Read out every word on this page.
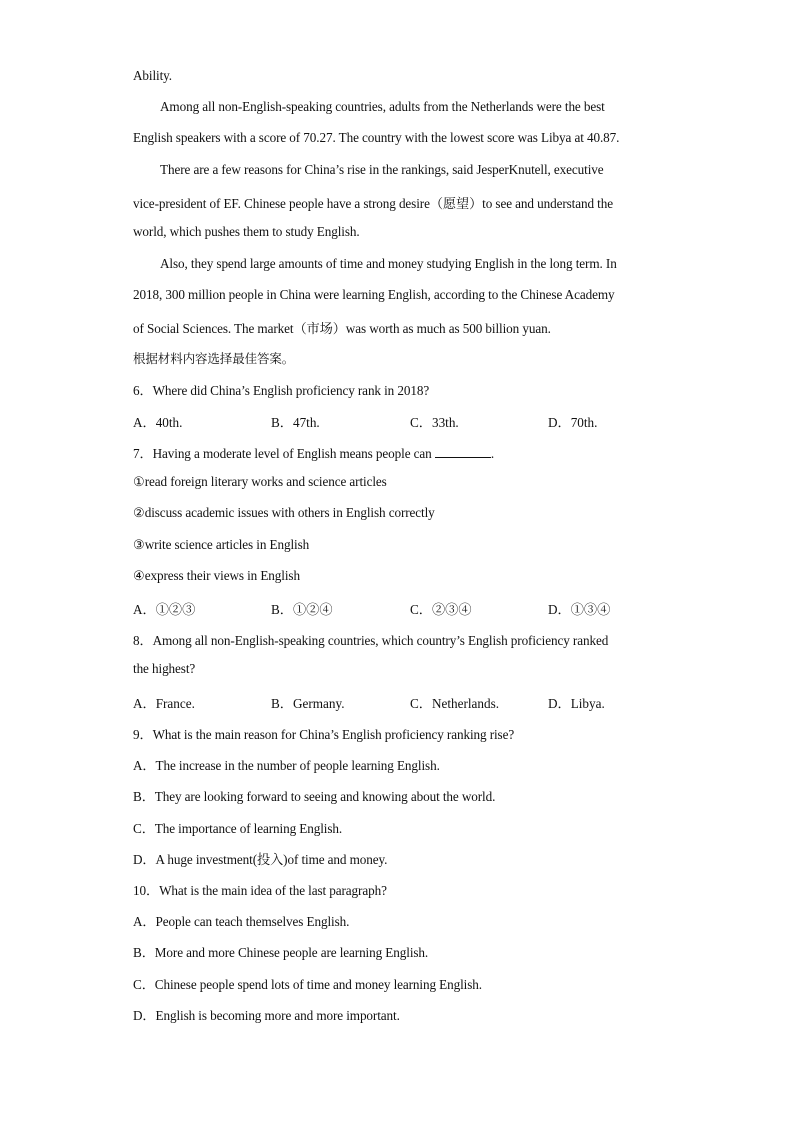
Ability.
Among all non-English-speaking countries, adults from the Netherlands were the best
English speakers with a score of 70.27. The country with the lowest score was Libya at 40.87.
There are a few reasons for China’s rise in the rankings, said JesperKnutell, executive
vice-president of EF. Chinese people have a strong desire（愿望）to see and understand the
world, which pushes them to study English.
Also, they spend large amounts of time and money studying English in the long term. In
2018, 300 million people in China were learning English, according to the Chinese Academy
of Social Sciences. The market（市场）was worth as much as 500 billion yuan.
根据材料内容选择最佳答案。
6．Where did China’s English proficiency rank in 2018?
A．40th.	B．47th.	C．33th.	D．70th.
7．Having a moderate level of English means people can	.
①read foreign literary works and science articles
②discuss academic issues with others in English correctly
③write science articles in English
④express their views in English
A．①②③	B．①②④	C．②③④	D．①③④
8．Among all non-English-speaking countries, which country’s English proficiency ranked
the highest?
A．France.	B．Germany.	C．Netherlands.	D．Libya.
9．What is the main reason for China’s English proficiency ranking rise?
A．The increase in the number of people learning English.
B．They are looking forward to seeing and knowing about the world.
C．The importance of learning English.
D．A huge investment(投入)of time and money.
10．What is the main idea of the last paragraph?
A．People can teach themselves English.
B．More and more Chinese people are learning English.
C．Chinese people spend lots of time and money learning English.
D．English is becoming more and more important.
